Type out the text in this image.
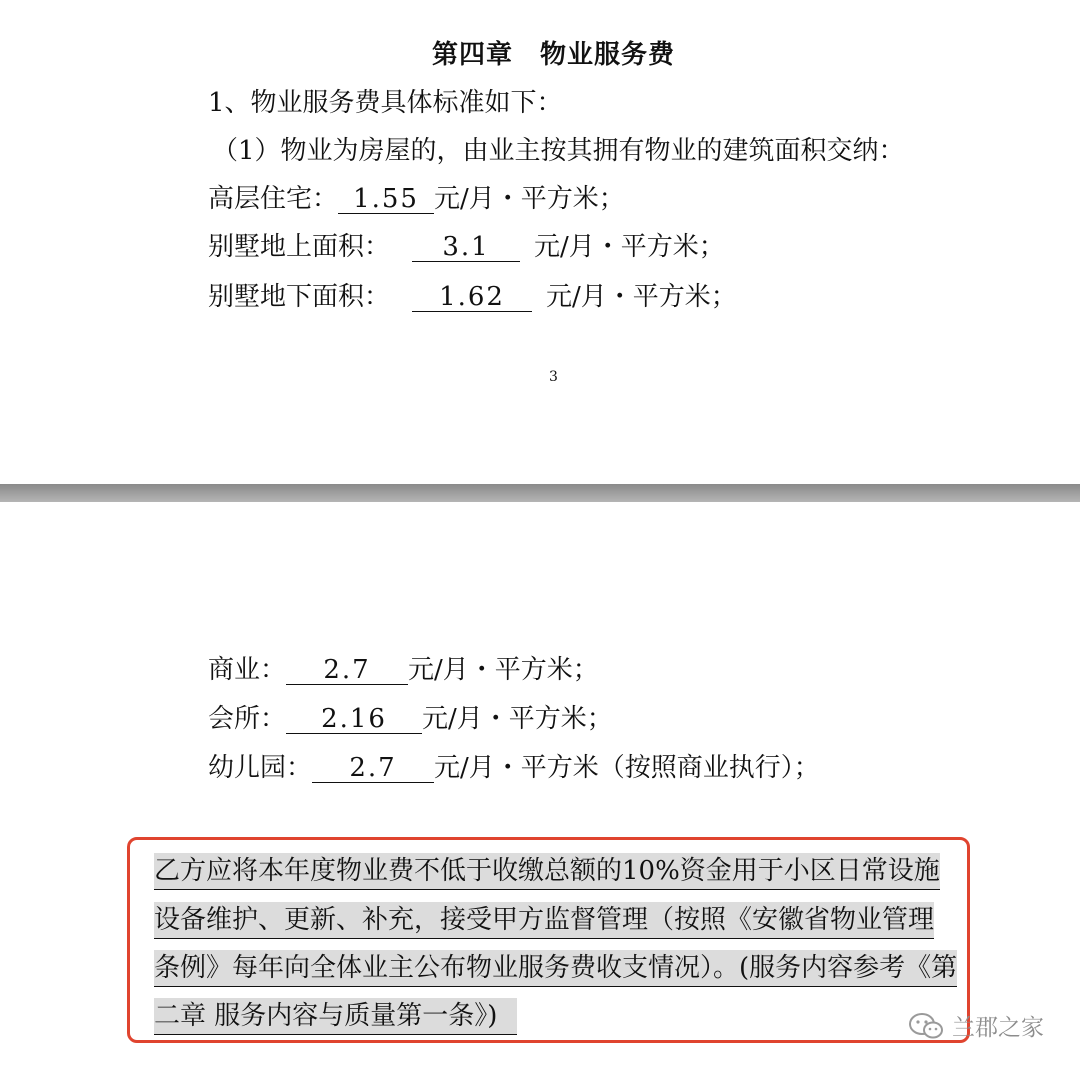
第四章　物业服务费
1、物业服务费具体标准如下：
（1）物业为房屋的，由业主按其拥有物业的建筑面积交纳：
高层住宅： 1.55 元/月・平方米；
别墅地上面积： 3.1 元/月・平方米；
别墅地下面积： 1.62 元/月・平方米；
3
商业： 2.7 元/月・平方米；
会所： 2.16 元/月・平方米；
幼儿园： 2.7 元/月・平方米（按照商业执行）；
乙方应将本年度物业费不低于收缴总额的10%资金用于小区日常设施
设备维护、更新、补充，接受甲方监督管理（按照《安徽省物业管理
条例》每年向全体业主公布物业服务费收支情况）。(服务内容参考《第
二章 服务内容与质量第一条》)	兰郡之家
